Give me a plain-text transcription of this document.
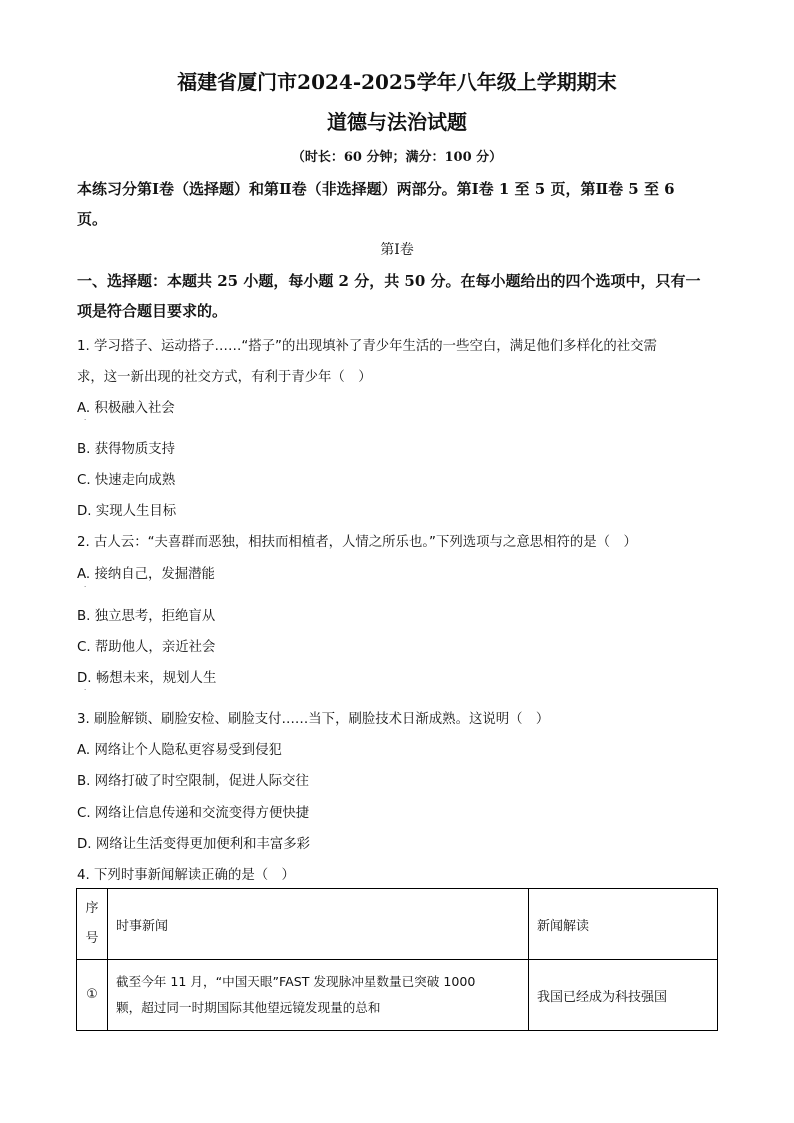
福建省厦门市2024-2025学年八年级上学期期末
道德与法治试题
（时长：60 分钟；满分：100 分）
本练习分第Ⅰ卷（选择题）和第Ⅱ卷（非选择题）两部分。第Ⅰ卷 1 至 5 页，第Ⅱ卷 5 至 6
页。
第Ⅰ卷
一、选择题：本题共 25 小题，每小题 2 分，共 50 分。在每小题给出的四个选项中，只有一
项是符合题目要求的。
1. 学习搭子、运动搭子……“搭子”的出现填补了青少年生活的一些空白，满足他们多样化的社交需
求，这一新出现的社交方式，有利于青少年（　）
A. 积极融入社会
·
B. 获得物质支持
C. 快速走向成熟
D. 实现人生目标
2. 古人云：“夫喜群而恶独，相扶而相植者，人情之所乐也。”下列选项与之意思相符的是（　）
A. 接纳自己，发掘潜能
·
B. 独立思考，拒绝盲从
C. 帮助他人，亲近社会
D. 畅想未来，规划人生
·
3. 刷脸解锁、刷脸安检、刷脸支付……当下，刷脸技术日渐成熟。这说明（　）
A. 网络让个人隐私更容易受到侵犯
B. 网络打破了时空限制，促进人际交往
C. 网络让信息传递和交流变得方便快捷
D. 网络让生活变得更加便利和丰富多彩
4. 下列时事新闻解读正确的是（　）
序号	时事新闻	新闻解读
①	截至今年 11 月，“中国天眼”FAST 发现脉冲星数量已突破 1000
颗，超过同一时期国际其他望远镜发现量的总和	我国已经成为科技强国
